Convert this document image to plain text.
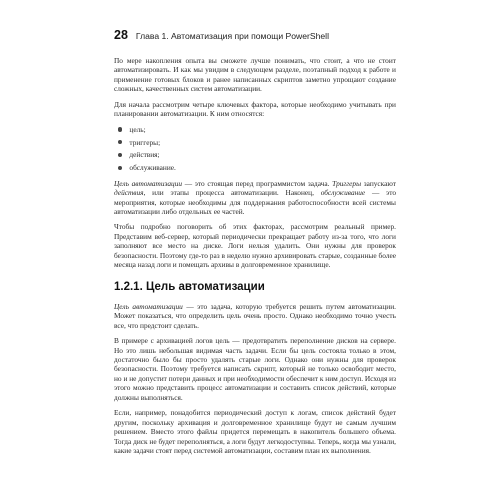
28 Глава 1. Автоматизация при помощи PowerShell

По мере накопления опыта вы сможете лучше понимать, что стоит, а что не стоит автоматизировать. И как мы увидим в следующем разделе, поэтапный подход к работе и применение готовых блоков и ранее написанных скриптов заметно упрощают создание сложных, качественных систем автоматизации.

Для начала рассмотрим четыре ключевых фактора, которые необходимо учитывать при планировании автоматизации. К ним относятся:

цель;
триггеры;
действия;
обслуживание.

Цель автоматизации — это стоящая перед программистом задача. Триггеры запускают действия, или этапы процесса автоматизации. Наконец, обслуживание — это мероприятия, которые необходимы для поддержания работоспособности всей системы автоматизации либо отдельных ее частей.

Чтобы подробно поговорить об этих факторах, рассмотрим реальный пример. Представим веб-сервер, который периодически прекращает работу из-за того, что логи заполняют все место на диске. Логи нельзя удалить. Они нужны для проверок безопасности. Поэтому где-то раз в неделю нужно архивировать старые, созданные более месяца назад логи и помещать архивы в долговременное хранилище.

1.2.1. Цель автоматизации

Цель автоматизации — это задача, которую требуется решить путем автоматизации. Может показаться, что определить цель очень просто. Однако необходимо точно учесть все, что предстоит сделать.

В примере с архивацией логов цель — предотвратить переполнение дисков на сервере. Но это лишь небольшая видимая часть задачи. Если бы цель состояла только в этом, достаточно было бы просто удалять старые логи. Однако они нужны для проверок безопасности. Поэтому требуется написать скрипт, который не только освободит место, но и не допустит потери данных и при необходимости обеспечит к ним доступ. Исходя из этого можно представить процесс автоматизации и составить список действий, которые должны выполняться.

Если, например, понадобится периодический доступ к логам, список действий будет другим, поскольку архивация и долговременное хранилище будут не самым лучшим решением. Вместо этого файлы придется перемещать в накопитель большего объема. Тогда диск не будет переполняться, а логи будут легкодоступны. Теперь, когда мы узнали, какие задачи стоят перед системой автоматизации, составим план их выполнения.
